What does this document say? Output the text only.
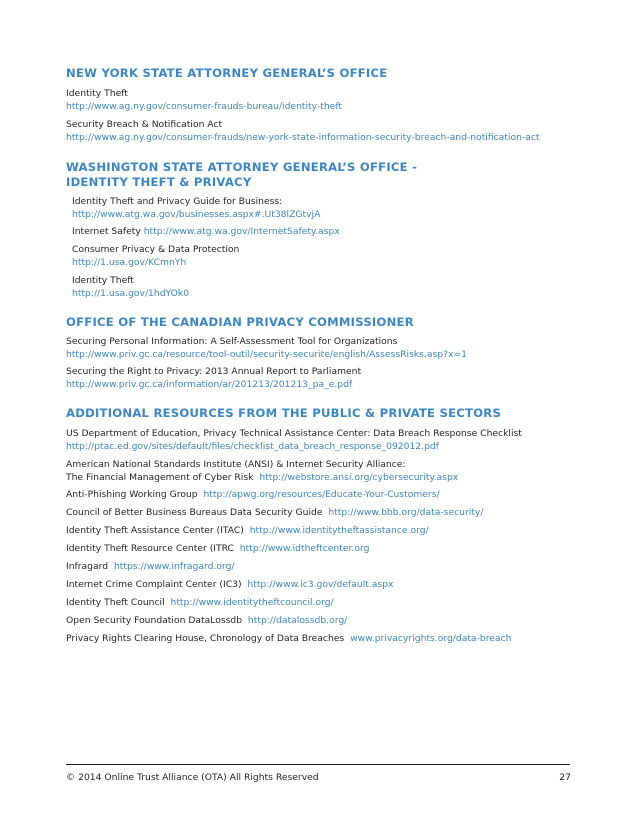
NEW YORK STATE ATTORNEY GENERAL’S OFFICE
Identity Theft
http://www.ag.ny.gov/consumer-frauds-bureau/identity-theft
Security Breach & Notification Act
http://www.ag.ny.gov/consumer-frauds/new-york-state-information-security-breach-and-notification-act
WASHINGTON STATE ATTORNEY GENERAL’S OFFICE -
IDENTITY THEFT & PRIVACY
Identity Theft and Privacy Guide for Business:
http://www.atg.wa.gov/businesses.aspx#.Ut38lZGtvjA
Internet Safety http://www.atg.wa.gov/InternetSafety.aspx
Consumer Privacy & Data Protection
http://1.usa.gov/KCmnYh
Identity Theft
http://1.usa.gov/1hdYOk0
OFFICE OF THE CANADIAN PRIVACY COMMISSIONER
Securing Personal Information: A Self-Assessment Tool for Organizations
http://www.priv.gc.ca/resource/tool-outil/security-securite/english/AssessRisks.asp?x=1
Securing the Right to Privacy: 2013 Annual Report to Parliament
http://www.priv.gc.ca/information/ar/201213/201213_pa_e.pdf
ADDITIONAL RESOURCES FROM THE PUBLIC & PRIVATE SECTORS
US Department of Education, Privacy Technical Assistance Center: Data Breach Response Checklist
http://ptac.ed.gov/sites/default/files/checklist_data_breach_response_092012.pdf
American National Standards Institute (ANSI) & Internet Security Alliance:
The Financial Management of Cyber Risk http://webstore.ansi.org/cybersecurity.aspx
Anti-Phishing Working Group http://apwg.org/resources/Educate-Your-Customers/
Council of Better Business Bureaus Data Security Guide http://www.bbb.org/data-security/
Identity Theft Assistance Center (ITAC) http://www.identitytheftassistance.org/
Identity Theft Resource Center (ITRC http://www.idtheftcenter.org
Infragard https://www.infragard.org/
Internet Crime Complaint Center (IC3) http://www.ic3.gov/default.aspx
Identity Theft Council http://www.identitytheftcouncil.org/
Open Security Foundation DataLossdb http://datalossdb.org/
Privacy Rights Clearing House, Chronology of Data Breaches www.privacyrights.org/data-breach
© 2014 Online Trust Alliance (OTA) All Rights Reserved	27
